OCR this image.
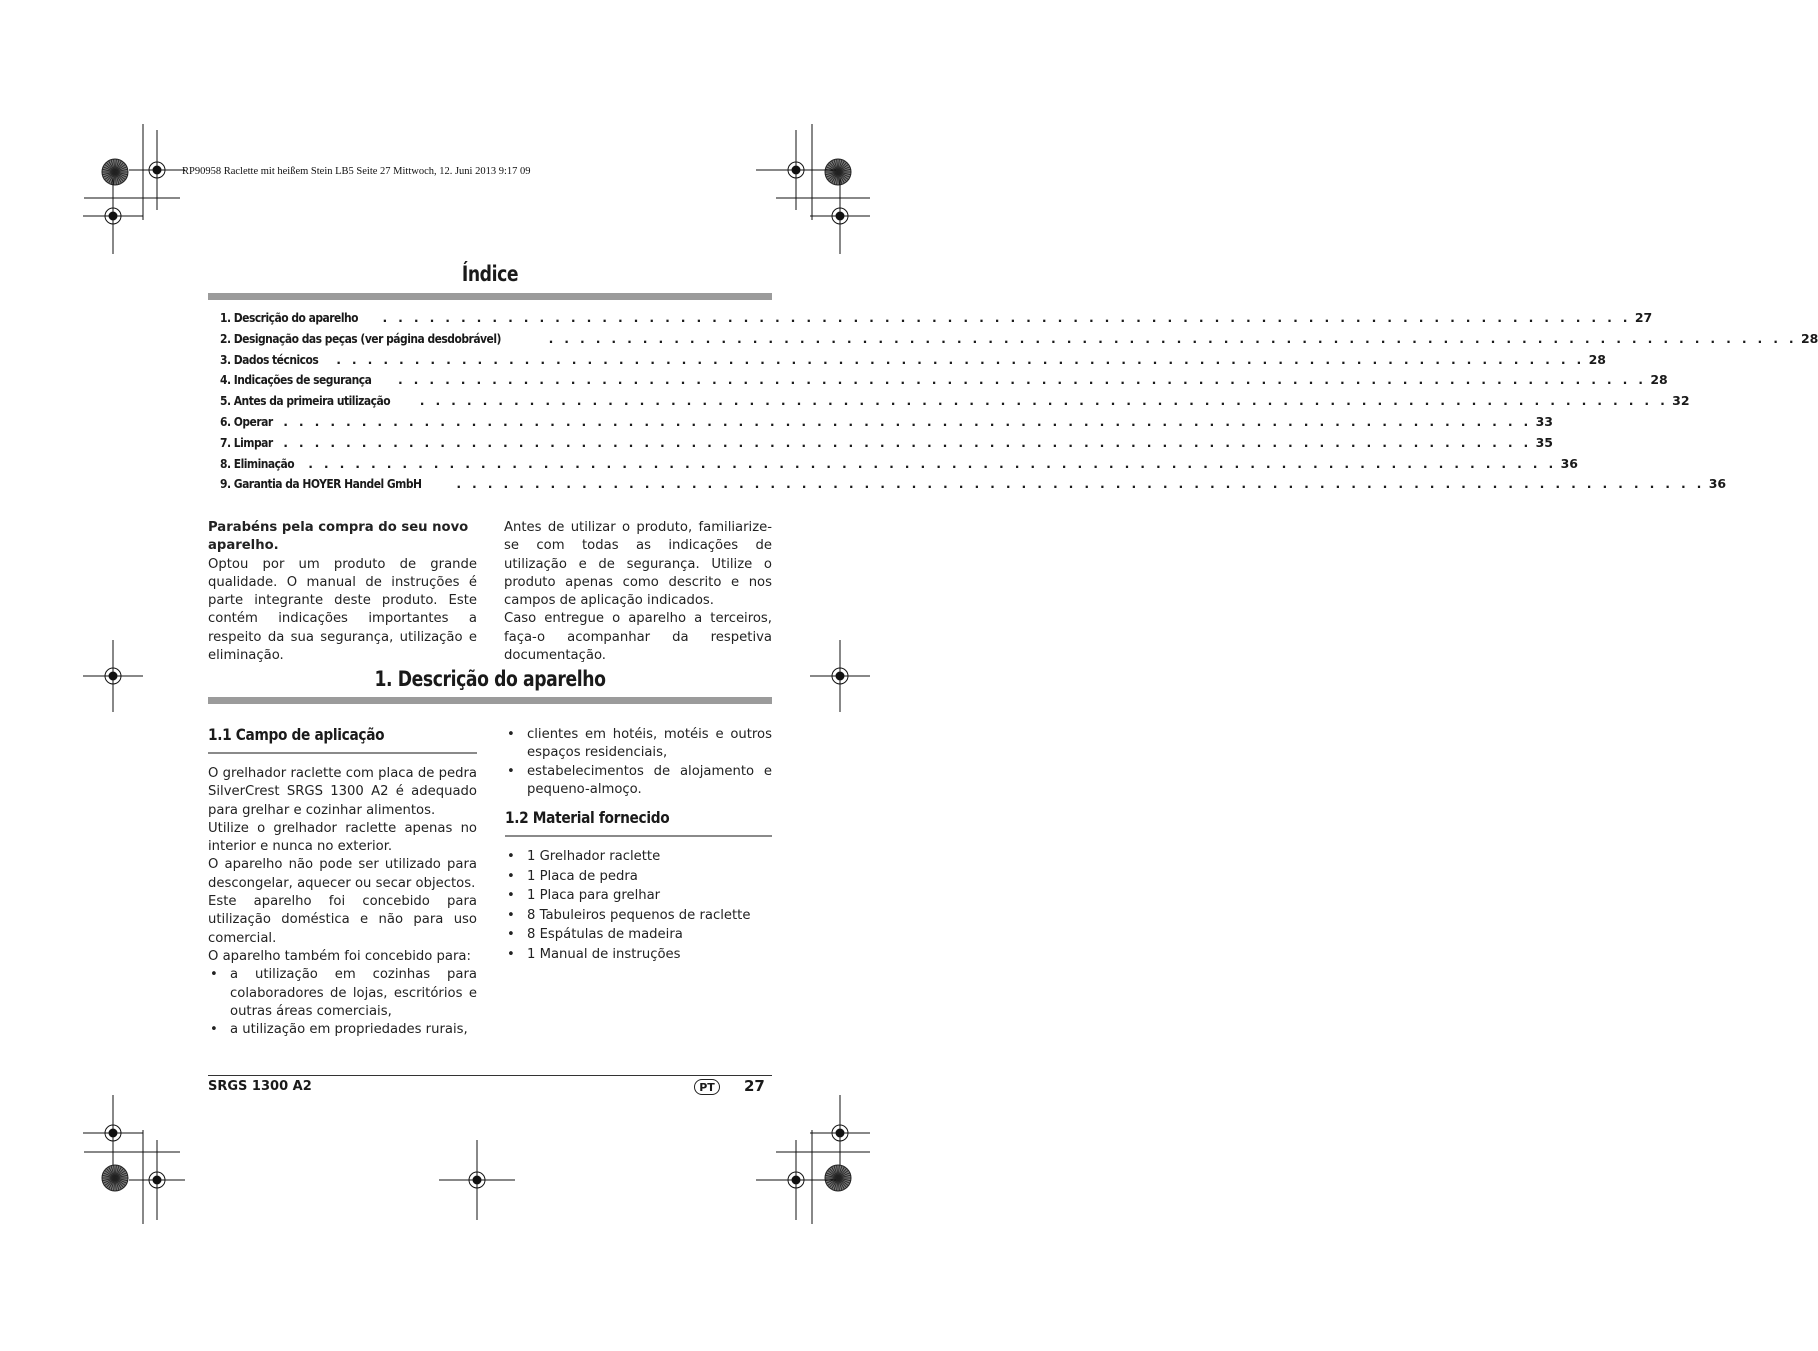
RP90958 Raclette mit heißem Stein LB5 Seite 27 Mittwoch, 12. Juni 2013 9:17 09
Índice
1. Descrição do aparelho . . . . . . . . . . . . . . . . . . . . . . . . . . . . . . . . . . . . . . . . . . . . . . . . . . . . . . . . . . . . . . . . . . . . . . . . . . . . . . . . 27
2. Designação das peças (ver página desdobrável)	. . . . . . . . . . . . . . . . . . . . . . . . . . . . . . . . . . . . . . . . . . . . . . . . . . . . . . . . . . . . . . . . . . . . . . . . . . . . . . . . 28
3. Dados técnicos . . . . . . . . . . . . . . . . . . . . . . . . . . . . . . . . . . . . . . . . . . . . . . . . . . . . . . . . . . . . . . . . . . . . . . . . . . . . . . . . 28
4. Indicações de segurança . . . . . . . . . . . . . . . . . . . . . . . . . . . . . . . . . . . . . . . . . . . . . . . . . . . . . . . . . . . . . . . . . . . . . . . . . . . . . . . . 28
5. Antes da primeira utilização . . . . . . . . . . . . . . . . . . . . . . . . . . . . . . . . . . . . . . . . . . . . . . . . . . . . . . . . . . . . . . . . . . . . . . . . . . . . . . . . 32
6. Operar . . . . . . . . . . . . . . . . . . . . . . . . . . . . . . . . . . . . . . . . . . . . . . . . . . . . . . . . . . . . . . . . . . . . . . . . . . . . . . . . 33
7. Limpar . . . . . . . . . . . . . . . . . . . . . . . . . . . . . . . . . . . . . . . . . . . . . . . . . . . . . . . . . . . . . . . . . . . . . . . . . . . . . . . . 35
8. Eliminação . . . . . . . . . . . . . . . . . . . . . . . . . . . . . . . . . . . . . . . . . . . . . . . . . . . . . . . . . . . . . . . . . . . . . . . . . . . . . . . . 36
9. Garantia da HOYER Handel GmbH	. . . . . . . . . . . . . . . . . . . . . . . . . . . . . . . . . . . . . . . . . . . . . . . . . . . . . . . . . . . . . . . . . . . . . . . . . . . . . . . . 36

Parabéns pela compra do seu novo aparelho.

Optou por um produto de grande qualidade. O manual de instruções é parte integrante deste produto. Este contém indicações importantes a respeito da sua segurança, utilização e eliminação.

Antes de utilizar o produto, familiarize-se com todas as indicações de utilização e de segurança. Utilize o produto apenas como descrito e nos campos de aplicação indicados.

Caso entregue o aparelho a terceiros, faça-o acompanhar da respetiva documentação.

1. Descrição do aparelho
1.1 Campo de aplicação

O grelhador raclette com placa de pedra SilverCrest SRGS 1300 A2 é adequado para grelhar e cozinhar alimentos.

Utilize o grelhador raclette apenas no interior e nunca no exterior.

O aparelho não pode ser utilizado para descongelar, aquecer ou secar objectos.

Este aparelho foi concebido para utilização doméstica e não para uso comercial.

O aparelho também foi concebido para:

• a utilização em cozinhas para colaboradores de lojas, escritórios e outras áreas comerciais,
• a utilização em propriedades rurais,
• clientes em hotéis, motéis e outros espaços residenciais,
• estabelecimentos de alojamento e pequeno-almoço.
1.2 Material fornecido
• 1 Grelhador raclette
• 1 Placa de pedra
• 1 Placa para grelhar
• 8 Tabuleiros pequenos de raclette
• 8 Espátulas de madeira
• 1 Manual de instruções
SRGS 1300 A2	PT	27
